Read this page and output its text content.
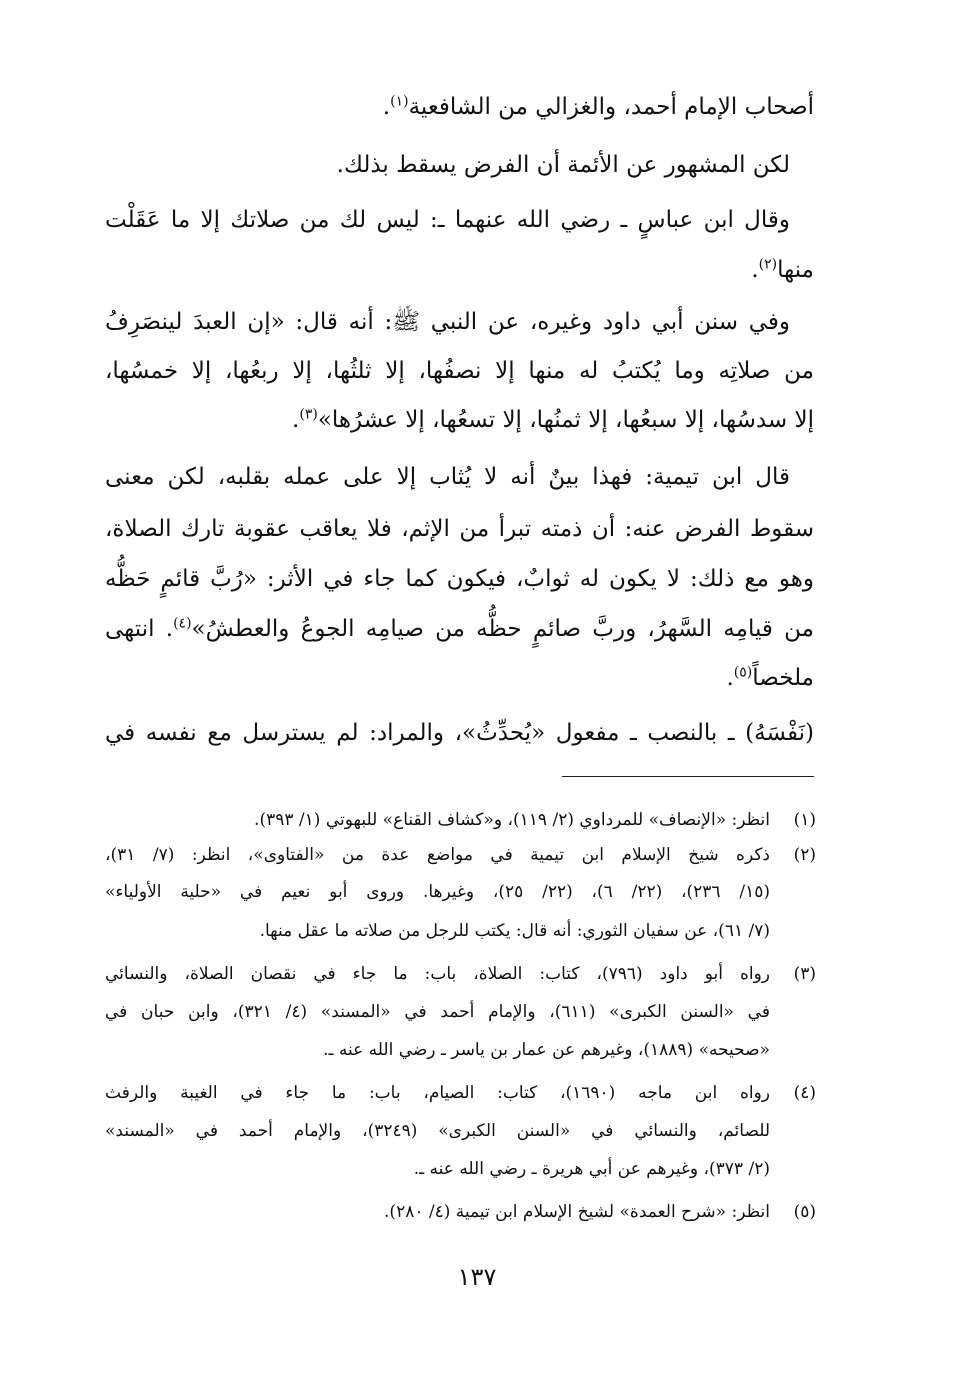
أصحاب الإمام أحمد، والغزالي من الشافعية$^{(١)}$.
لكن المشهور عن الأئمة أن الفرض يسقط بذلك.
وقال ابن عباسٍ ـ رضي الله عنهما ـ: ليس لك من صلاتك إلا ما عَقَلْت
منها$^{(٢)}$.
وفي سنن أبي داود وغيره، عن النبي ﷺ: أنه قال: «إن العبدَ لينصَرِفُ
من صلاتِه وما يُكتبُ له منها إلا نصفُها، إلا ثلثُها، إلا ربعُها، إلا خمسُها،
إلا سدسُها، إلا سبعُها، إلا ثمنُها، إلا تسعُها، إلا عشرُها»$^{(٣)}$.
قال ابن تيمية: فهذا بينٌ أنه لا يُثاب إلا على عمله بقلبه، لكن معنى
سقوط الفرض عنه: أن ذمته تبرأ من الإثم، فلا يعاقب عقوبة تارك الصلاة،
وهو مع ذلك: لا يكون له ثوابٌ، فيكون كما جاء في الأثر: «رُبَّ قائمٍ حَظُّه
من قيامِه السَّهرُ، وربَّ صائمٍ حظُّه من صيامِه الجوعُ والعطشُ»$^{(٤)}$. انتهى
ملخصاً$^{(٥)}$.
(نَفْسَهُ) ـ بالنصب ـ مفعول «يُحدِّثُ»، والمراد: لم يسترسل مع نفسه في
(١)
انظر: «الإنصاف» للمرداوي (٢/ ١١٩)، و«كشاف القناع» للبهوتي (١/ ٣٩٣).
(٢)
ذكره شيخ الإسلام ابن تيمية في مواضع عدة من «الفتاوى»، انظر: (٧/ ٣١)،
(١٥/ ٢٣٦)، (٢٢/ ٦)، (٢٢/ ٢٥)، وغيرها. وروى أبو نعيم في «حلية الأولياء»
(٧/ ٦١)، عن سفيان الثوري: أنه قال: يكتب للرجل من صلاته ما عقل منها.
(٣)
رواه أبو داود (٧٩٦)، كتاب: الصلاة، باب: ما جاء في نقصان الصلاة، والنسائي
في «السنن الكبرى» (٦١١)، والإمام أحمد في «المسند» (٤/ ٣٢١)، وابن حبان في
«صحيحه» (١٨٨٩)، وغيرهم عن عمار بن ياسر ـ رضي الله عنه ـ.
(٤)
رواه ابن ماجه (١٦٩٠)، كتاب: الصيام، باب: ما جاء في الغيبة والرفث
للصائم، والنسائي في «السنن الكبرى» (٣٢٤٩)، والإمام أحمد في «المسند»
(٢/ ٣٧٣)، وغيرهم عن أبي هريرة ـ رضي الله عنه ـ.
(٥)
انظر: «شرح العمدة» لشيخ الإسلام ابن تيمية (٤/ ٢٨٠).
١٣٧
